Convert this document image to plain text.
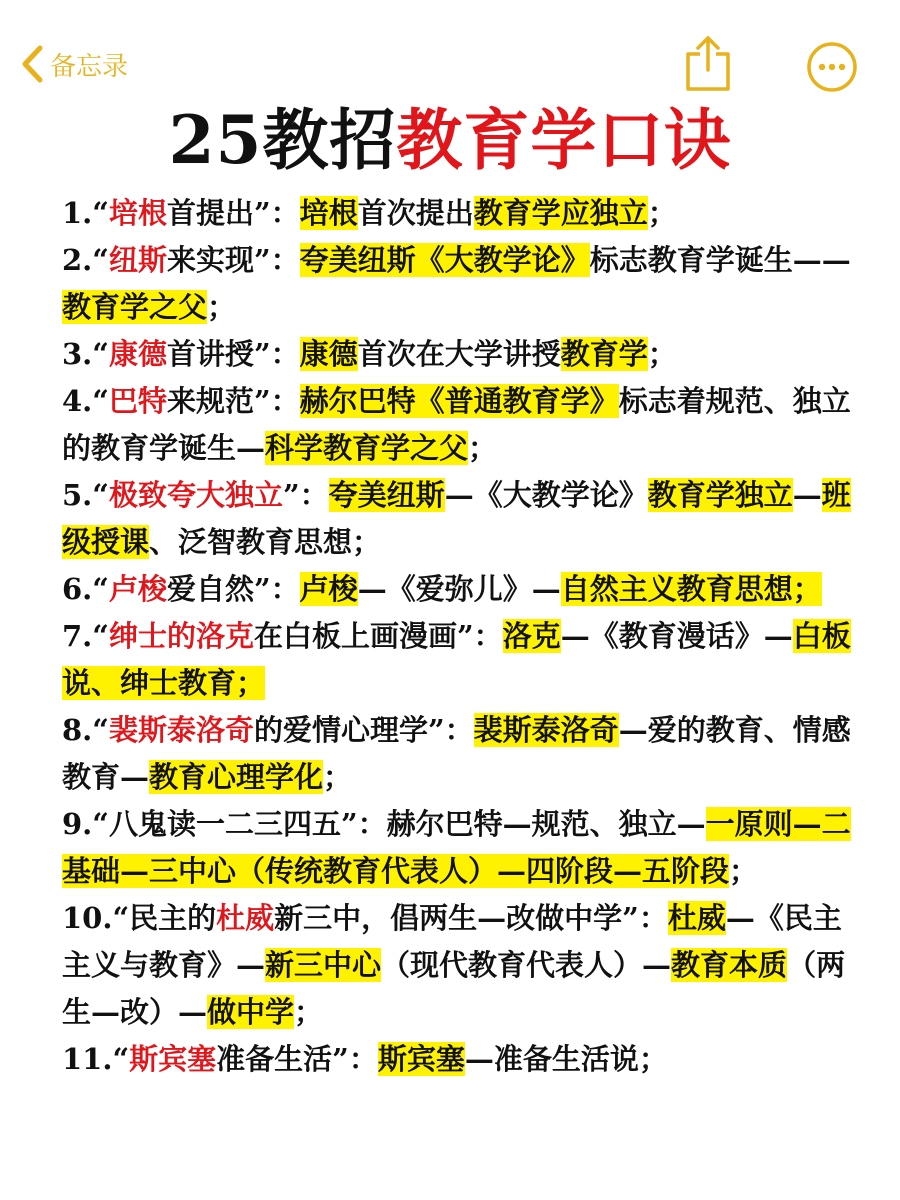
备忘录
25教招教育学口诀
1.“培根首提出”：培根首次提出教育学应独立；
2.“纽斯来实现”：夸美纽斯《大教学论》标志教育学诞生——教育学之父；
3.“康德首讲授”：康德首次在大学讲授教育学；
4.“巴特来规范”：赫尔巴特《普通教育学》标志着规范、独立的教育学诞生—科学教育学之父；
5.“极致夸大独立”：夸美纽斯—《大教学论》教育学独立—班级授课、泛智教育思想；
6.“卢梭爱自然”：卢梭—《爱弥儿》—自然主义教育思想；
7.“绅士的洛克在白板上画漫画”：洛克—《教育漫话》—白板说、绅士教育；
8.“裴斯泰洛奇的爱情心理学”：裴斯泰洛奇—爱的教育、情感教育—教育心理学化；
9.“八鬼读一二三四五”：赫尔巴特—规范、独立—一原则—二基础—三中心（传统教育代表人）—四阶段—五阶段；
10.“民主的杜威新三中，倡两生—改做中学”：杜威—《民主主义与教育》—新三中心（现代教育代表人）—教育本质（两生—改）—做中学；
11.“斯宾塞准备生活”：斯宾塞—准备生活说；
